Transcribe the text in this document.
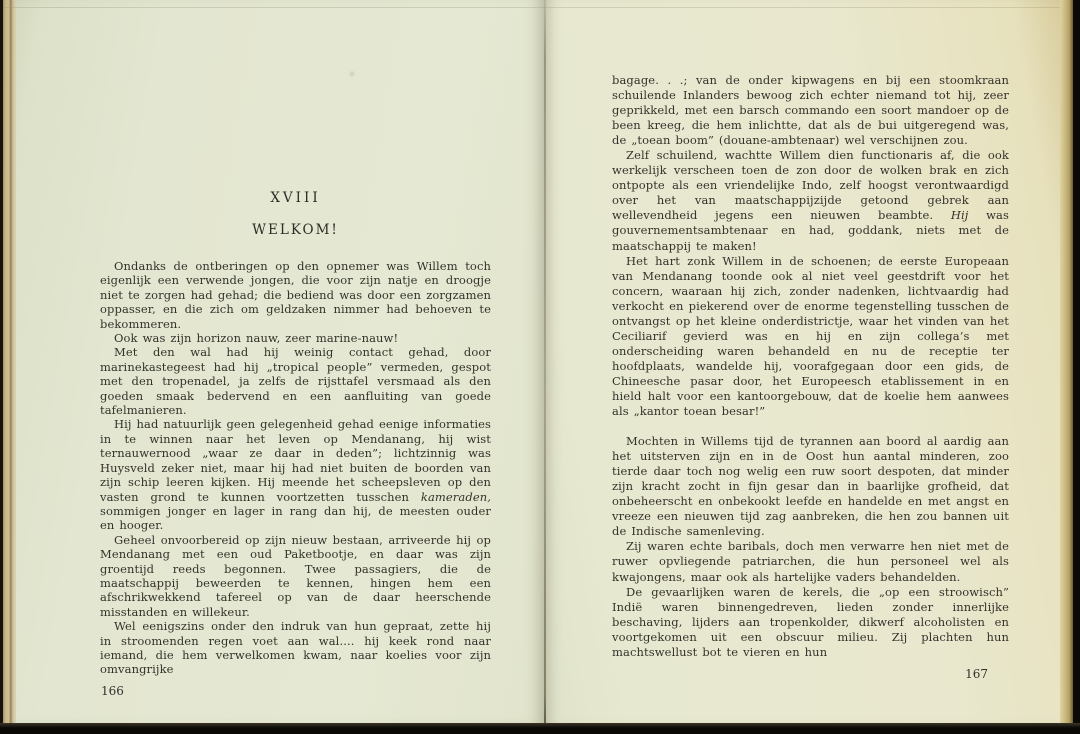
XVIII
WELKOM!

Ondanks de ontberingen op den opnemer was Willem toch eigenlijk een verwende jongen, die voor zijn natje en droogje niet te zorgen had gehad; die bediend was door een zorgzamen oppasser, en die zich om geldzaken nimmer had behoeven te bekommeren.

Ook was zijn horizon nauw, zeer marine-nauw!

Met den wal had hij weinig contact gehad, door marinekastegeest had hij „tropical people” vermeden, gespot met den tropenadel, ja zelfs de rijsttafel versmaad als den goeden smaak bedervend en een aanfluiting van goede tafelmanieren.

Hij had natuurlijk geen gelegenheid gehad eenige informaties in te winnen naar het leven op Mendanang, hij wist ternauwernood „waar ze daar in deden”; lichtzinnig was Huysveld zeker niet, maar hij had niet buiten de boorden van zijn schip leeren kijken. Hij meende het scheepsleven op den vasten grond te kunnen voortzetten tusschen kameraden, sommigen jonger en lager in rang dan hij, de meesten ouder en hooger.

Geheel onvoorbereid op zijn nieuw bestaan, arriveerde hij op Mendanang met een oud Paketbootje, en daar was zijn groentijd reeds begonnen. Twee passagiers, die de maatschappij beweerden te kennen, hingen hem een afschrikwekkend tafereel op van de daar heerschende misstanden en willekeur.

Wel eenigszins onder den indruk van hun gepraat, zette hij in stroomenden regen voet aan wal.... hij keek rond naar iemand, die hem verwelkomen kwam, naar koelies voor zijn omvangrijke

166

bagage. . .; van de onder kipwagens en bij een stoomkraan schuilende Inlanders bewoog zich echter niemand tot hij, zeer geprikkeld, met een barsch commando een soort mandoer op de been kreeg, die hem inlichtte, dat als de bui uitgeregend was, de „toean boom” (douane-ambtenaar) wel verschijnen zou.

Zelf schuilend, wachtte Willem dien functionaris af, die ook werkelijk verscheen toen de zon door de wolken brak en zich ontpopte als een vriendelijke Indo, zelf hoogst verontwaardigd over het van maatschappijzijde getoond gebrek aan wellevendheid jegens een nieuwen beambte. Hij was gouvernementsambtenaar en had, goddank, niets met de maatschappij te maken!

Het hart zonk Willem in de schoenen; de eerste Europeaan van Mendanang toonde ook al niet veel geestdrift voor het concern, waaraan hij zich, zonder nadenken, lichtvaardig had verkocht en piekerend over de enorme tegenstelling tusschen de ontvangst op het kleine onderdistrictje, waar het vinden van het Ceciliarif gevierd was en hij en zijn collega’s met onderscheiding waren behandeld en nu de receptie ter hoofdplaats, wandelde hij, voorafgegaan door een gids, de Chineesche pasar door, het Europeesch etablissement in en hield halt voor een kantoorgebouw, dat de koelie hem aanwees als „kantor toean besar!”

Mochten in Willems tijd de tyrannen aan boord al aardig aan het uitsterven zijn en in de Oost hun aantal minderen, zoo tierde daar toch nog welig een ruw soort despoten, dat minder zijn kracht zocht in fijn gesar dan in baarlijke grofheid, dat onbeheerscht en onbekookt leefde en handelde en met angst en vreeze een nieuwen tijd zag aanbreken, die hen zou bannen uit de Indische samenleving.

Zij waren echte baribals, doch men verwarre hen niet met de ruwer opvliegende patriarchen, die hun personeel wel als kwajongens, maar ook als hartelijke vaders behandelden.

De gevaarlijken waren de kerels, die „op een stroowisch” Indië waren binnengedreven, lieden zonder innerlijke beschaving, lijders aan tropenkolder, dikwerf alcoholisten en voortgekomen uit een obscuur milieu. Zij plachten hun machtswellust bot te vieren en hun

167
